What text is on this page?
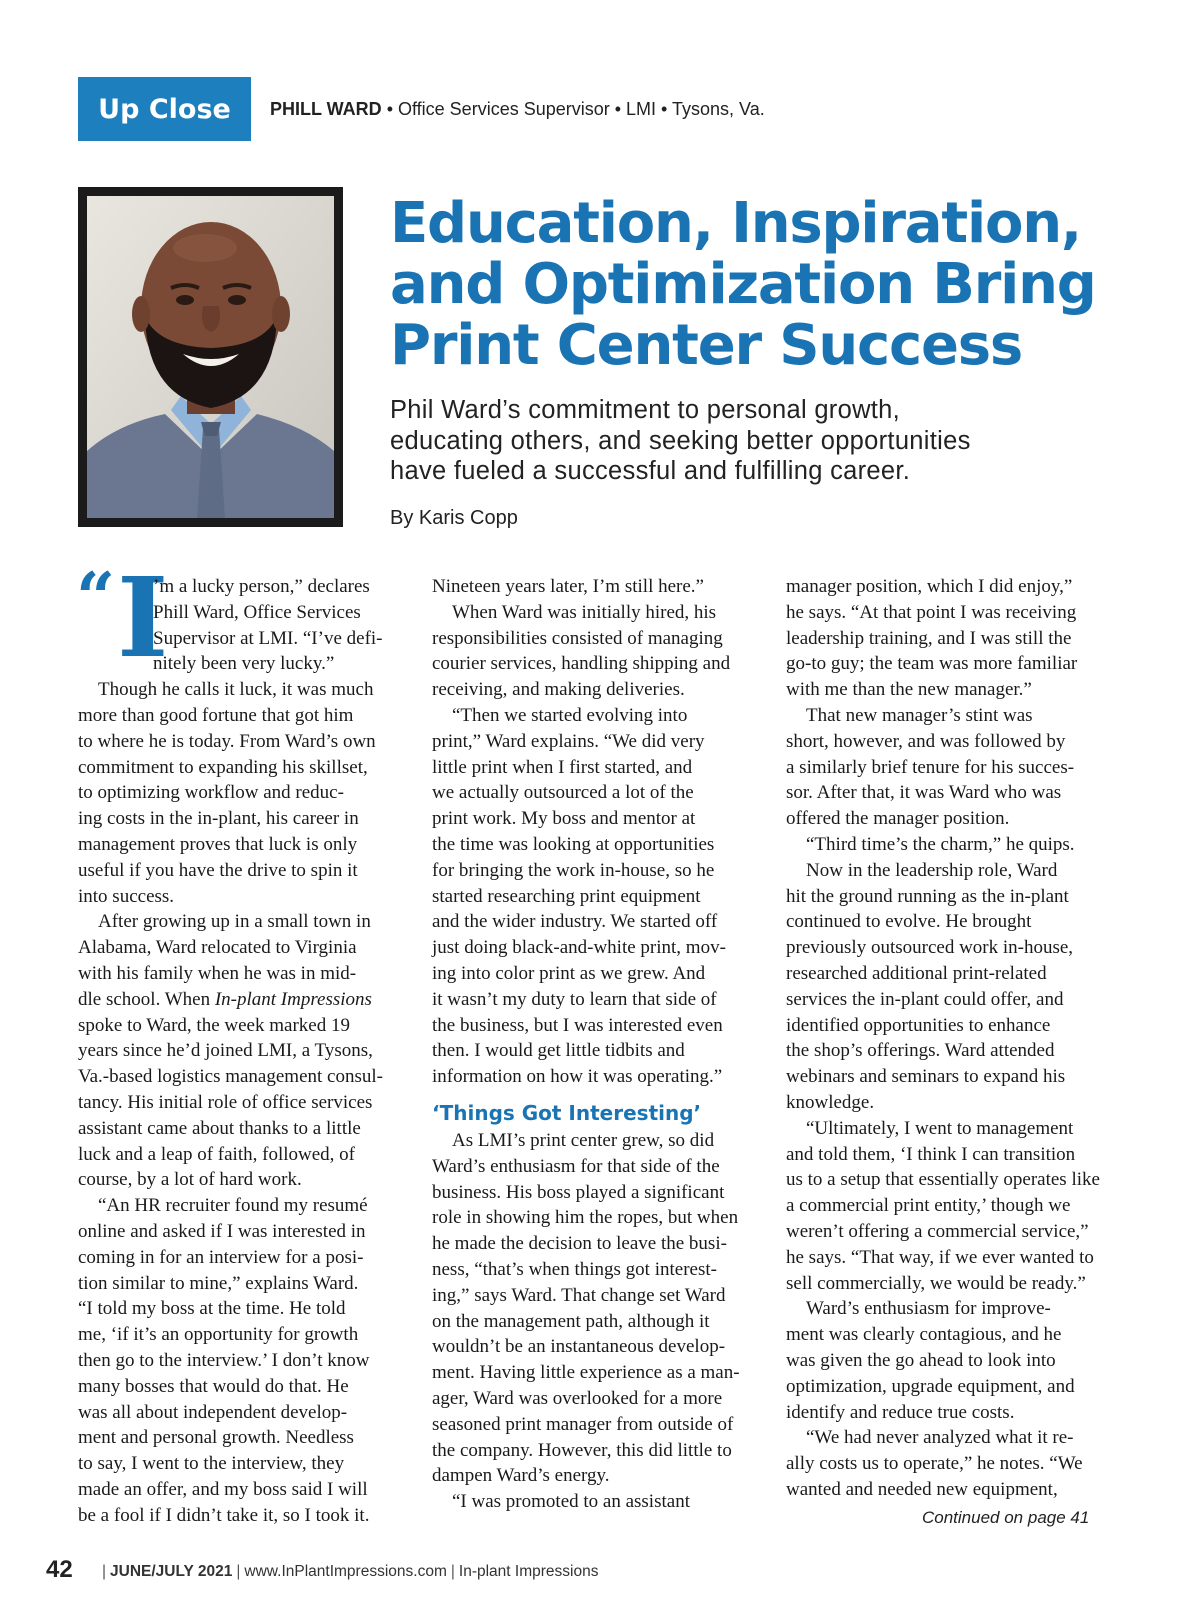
Up Close	PHILL WARD • Office Services Supervisor • LMI • Tysons, Va.
Education, Inspiration,
and Optimization Bring
Print Center Success
Phil Ward’s commitment to personal growth,
educating others, and seeking better opportunities
have fueled a successful and fulfilling career.
By Karis Copp
“ I
’m a lucky person,” declares
Phill Ward, Office Services
Supervisor at LMI. “I’ve defi-
nitely been very lucky.”
Though he calls it luck, it was much
more than good fortune that got him
to where he is today. From Ward’s own
commitment to expanding his skillset,
to optimizing workflow and reduc-
ing costs in the in-plant, his career in
management proves that luck is only
useful if you have the drive to spin it
into success.
After growing up in a small town in
Alabama, Ward relocated to Virginia
with his family when he was in mid-
dle school. When In-plant Impressions
spoke to Ward, the week marked 19
years since he’d joined LMI, a Tysons,
Va.-based logistics management consul-
tancy. His initial role of office services
assistant came about thanks to a little
luck and a leap of faith, followed, of
course, by a lot of hard work.
“An HR recruiter found my resumé
online and asked if I was interested in
coming in for an interview for a posi-
tion similar to mine,” explains Ward.
“I told my boss at the time. He told
me, ‘if it’s an opportunity for growth
then go to the interview.’ I don’t know
many bosses that would do that. He
was all about independent develop-
ment and personal growth. Needless
to say, I went to the interview, they
made an offer, and my boss said I will
be a fool if I didn’t take it, so I took it.
Nineteen years later, I’m still here.”
When Ward was initially hired, his
responsibilities consisted of managing
courier services, handling shipping and
receiving, and making deliveries.
“Then we started evolving into
print,” Ward explains. “We did very
little print when I first started, and
we actually outsourced a lot of the
print work. My boss and mentor at
the time was looking at opportunities
for bringing the work in-house, so he
started researching print equipment
and the wider industry. We started off
just doing black-and-white print, mov-
ing into color print as we grew. And
it wasn’t my duty to learn that side of
the business, but I was interested even
then. I would get little tidbits and
information on how it was operating.”
‘Things Got Interesting’
As LMI’s print center grew, so did
Ward’s enthusiasm for that side of the
business. His boss played a significant
role in showing him the ropes, but when
he made the decision to leave the busi-
ness, “that’s when things got interest-
ing,” says Ward. That change set Ward
on the management path, although it
wouldn’t be an instantaneous develop-
ment. Having little experience as a man-
ager, Ward was overlooked for a more
seasoned print manager from outside of
the company. However, this did little to
dampen Ward’s energy.
“I was promoted to an assistant
manager position, which I did enjoy,”
he says. “At that point I was receiving
leadership training, and I was still the
go-to guy; the team was more familiar
with me than the new manager.”
That new manager’s stint was
short, however, and was followed by
a similarly brief tenure for his succes-
sor. After that, it was Ward who was
offered the manager position.
“Third time’s the charm,” he quips.
Now in the leadership role, Ward
hit the ground running as the in-plant
continued to evolve. He brought
previously outsourced work in-house,
researched additional print-related
services the in-plant could offer, and
identified opportunities to enhance
the shop’s offerings. Ward attended
webinars and seminars to expand his
knowledge.
“Ultimately, I went to management
and told them, ‘I think I can transition
us to a setup that essentially operates like
a commercial print entity,’ though we
weren’t offering a commercial service,”
he says. “That way, if we ever wanted to
sell commercially, we would be ready.”
Ward’s enthusiasm for improve-
ment was clearly contagious, and he
was given the go ahead to look into
optimization, upgrade equipment, and
identify and reduce true costs.
“We had never analyzed what it re-
ally costs us to operate,” he notes. “We
wanted and needed new equipment,
Continued on page 41
42 | JUNE/JULY 2021 | www.InPlantImpressions.com | In-plant Impressions
